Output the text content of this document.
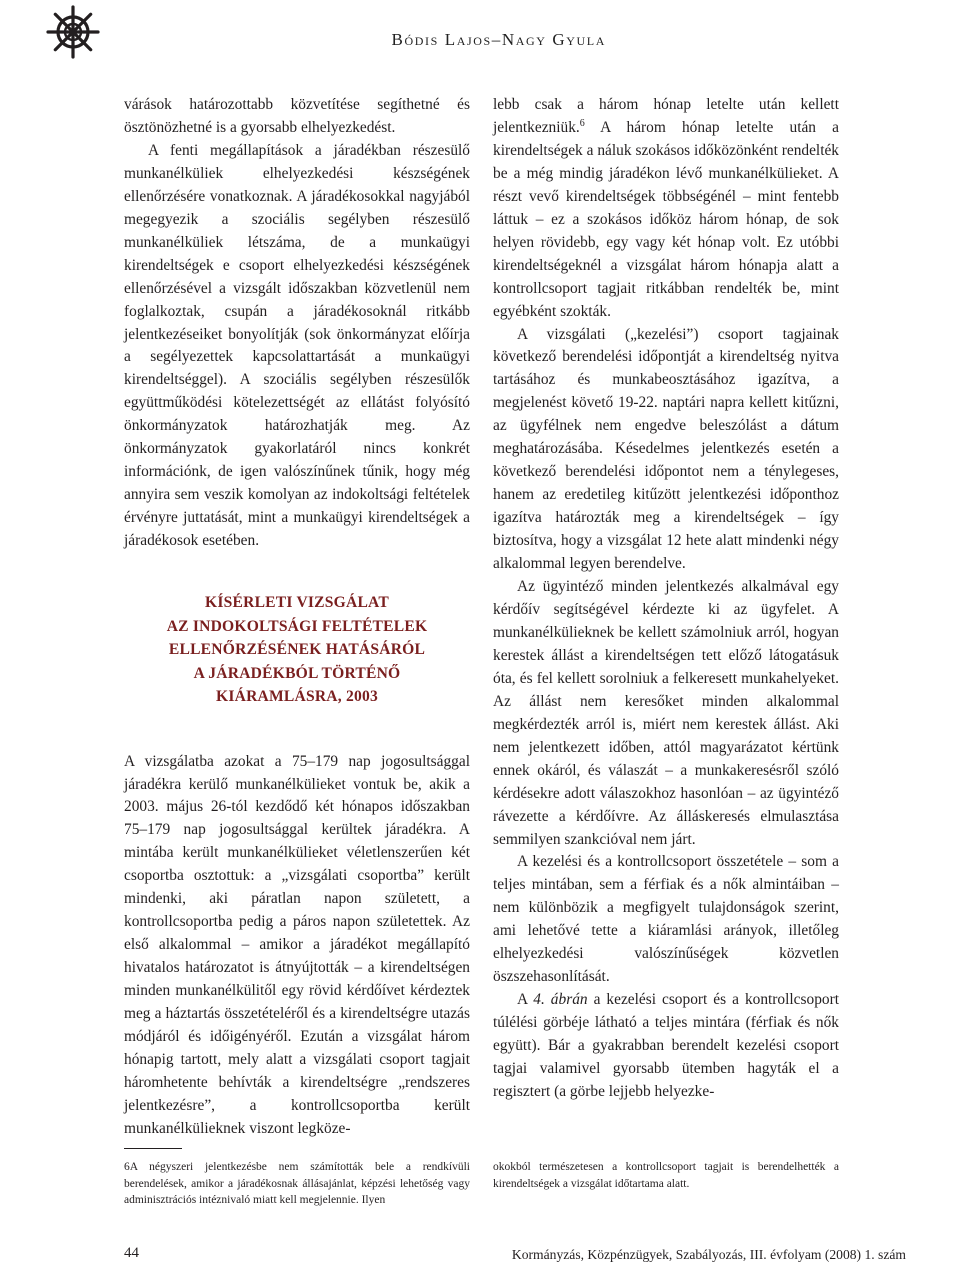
Bódis Lajos–Nagy Gyula

várások határozottabb közvetítése segíthetné és ösztönözhetné is a gyorsabb elhelyezkedést.

A fenti megállapítások a járadékban részesülő munkanélküliek elhelyezkedési készségének ellenőrzésére vonatkoznak. A járadékosokkal nagyjából megegyezik a szociális segélyben részesülő munkanélküliek létszáma, de a munkaügyi kirendeltségek e csoport elhelyezkedési készségének ellenőrzésével a vizsgált időszakban közvetlenül nem foglalkoztak, csupán a járadékosoknál ritkább jelentkezéseiket bonyolítják (sok önkormányzat előírja a segélyezettek kapcsolattartását a munkaügyi kirendeltséggel). A szociális segélyben részesülők együttműködési kötelezettségét az ellátást folyósító önkormányzatok határozhatják meg. Az önkormányzatok gyakorlatáról nincs konkrét információnk, de igen valószínűnek tűnik, hogy még annyira sem veszik komolyan az indokoltsági feltételek érvényre juttatását, mint a munkaügyi kirendeltségek a járadékosok esetében.

KÍSÉRLETI VIZSGÁLAT
AZ INDOKOLTSÁGI FELTÉTELEK
ELLENŐRZÉSÉNEK HATÁSÁRÓL
A JÁRADÉKBÓL TÖRTÉNŐ
KIÁRAMLÁSRA, 2003

A vizsgálatba azokat a 75–179 nap jogosultsággal járadékra kerülő munkanélkülieket vontuk be, akik a 2003. május 26-tól kezdődő két hónapos időszakban 75–179 nap jogosultsággal kerültek járadékra. A mintába került munkanélkülieket véletlenszerűen két csoportba osztottuk: a „vizsgálati csoportba” került mindenki, aki páratlan napon született, a kontrollcsoportba pedig a páros napon születettek. Az első alkalommal – amikor a járadékot megállapító hivatalos határozatot is átnyújtották – a kirendeltségen minden munkanélkülitől egy rövid kérdőívet kérdeztek meg a háztartás összetételéről és a kirendeltségre utazás módjáról és időigényéről. Ezután a vizsgálat három hónapig tartott, mely alatt a vizsgálati csoport tagjait háromhetente behívták a kirendeltségre „rendszeres jelentkezésre”, a kontrollcsoportba került munkanélkülieknek viszont legköze-

lebb csak a három hónap letelte után kellett jelentkezniük.$^6$ A három hónap letelte után a kirendeltségek a náluk szokásos időközönként rendelték be a még mindig járadékon lévő munkanélkülieket. A részt vevő kirendeltségek többségénél – mint fentebb láttuk – ez a szokásos időköz három hónap, de sok helyen rövidebb, egy vagy két hónap volt. Ez utóbbi kirendeltségeknél a vizsgálat három hónapja alatt a kontrollcsoport tagjait ritkábban rendelték be, mint egyébként szokták.

A vizsgálati („kezelési”) csoport tagjainak következő berendelési időpontját a kirendeltség nyitva tartásához és munkabeosztásához igazítva, a megjelenést követő 19-22. naptári napra kellett kitűzni, az ügyfélnek nem engedve beleszólást a dátum meghatározásába. Késedelmes jelentkezés esetén a következő berendelési időpontot nem a ténylegeses, hanem az eredetileg kitűzött jelentkezési időponthoz igazítva határozták meg a kirendeltségek – így biztosítva, hogy a vizsgálat 12 hete alatt mindenki négy alkalommal legyen berendelve.

Az ügyintéző minden jelentkezés alkalmával egy kérdőív segítségével kérdezte ki az ügyfelet. A munkanélkülieknek be kellett számolniuk arról, hogyan kerestek állást a kirendeltségen tett előző látogatásuk óta, és fel kellett sorolniuk a felkeresett munkahelyeket. Az állást nem keresőket minden alkalommal megkérdezték arról is, miért nem kerestek állást. Aki nem jelentkezett időben, attól magyarázatot kértünk ennek okáról, és válaszát – a munkakeresésről szóló kérdésekre adott válaszokhoz hasonlóan – az ügyintéző rávezette a kérdőívre. Az álláskeresés elmulasztása semmilyen szankcióval nem járt.

A kezelési és a kontrollcsoport összetétele – som a teljes mintában, sem a férfiak és a nők almintáiban – nem különbözik a megfigyelt tulajdonságok szerint, ami lehetővé tette a kiáramlási arányok, illetőleg elhelyezkedési valószínűségek közvetlen öszszehasonlítását.

A 4. ábrán a kezelési csoport és a kontrollcsoport túlélési görbéje látható a teljes mintára (férfiak és nők együtt). Bár a gyakrabban berendelt kezelési csoport tagjai valamivel gyorsabb ütemben hagyták el a regisztert (a görbe lejjebb helyezke-

6A négyszeri jelentkezésbe nem számították bele a rendkívüli berendelések, amikor a járadékosnak állásajánlat, képzési lehetőség vagy adminisztrációs intéznivaló miatt kell megjelennie. Ilyen
okokból természetesen a kontrollcsoport tagjait is berendelhették a kirendeltségek a vizsgálat időtartama alatt.
44	Kormányzás, Közpénzügyek, Szabályozás, III. évfolyam (2008) 1. szám
